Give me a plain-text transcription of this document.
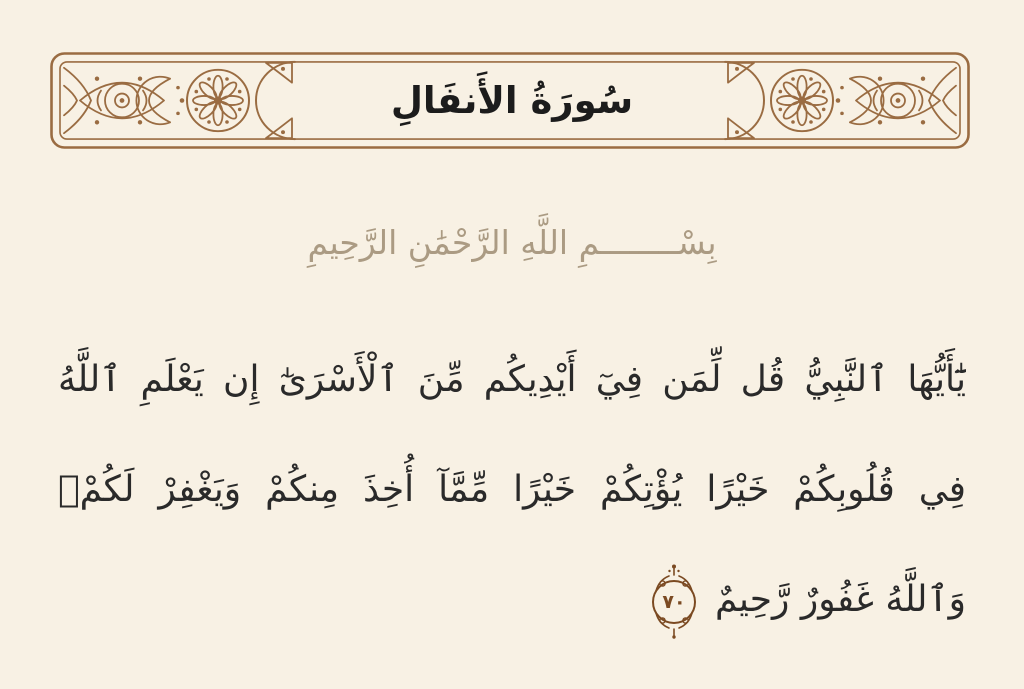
سُورَةُ الأَنفَالِ
بِسْــــــــمِ اللَّهِ الرَّحْمَٰنِ الرَّحِيمِ
يَٰٓأَيُّهَا ٱلنَّبِيُّ قُل لِّمَن فِيٓ أَيْدِيكُم مِّنَ ٱلْأَسْرَىٰٓ إِن يَعْلَمِ ٱللَّهُ
فِي قُلُوبِكُمْ خَيْرًا يُؤْتِكُمْ خَيْرًا مِّمَّآ أُخِذَ مِنكُمْ وَيَغْفِرْ لَكُمْۚ
وَٱللَّهُ غَفُورٌ رَّحِيمٌ
٧٠
